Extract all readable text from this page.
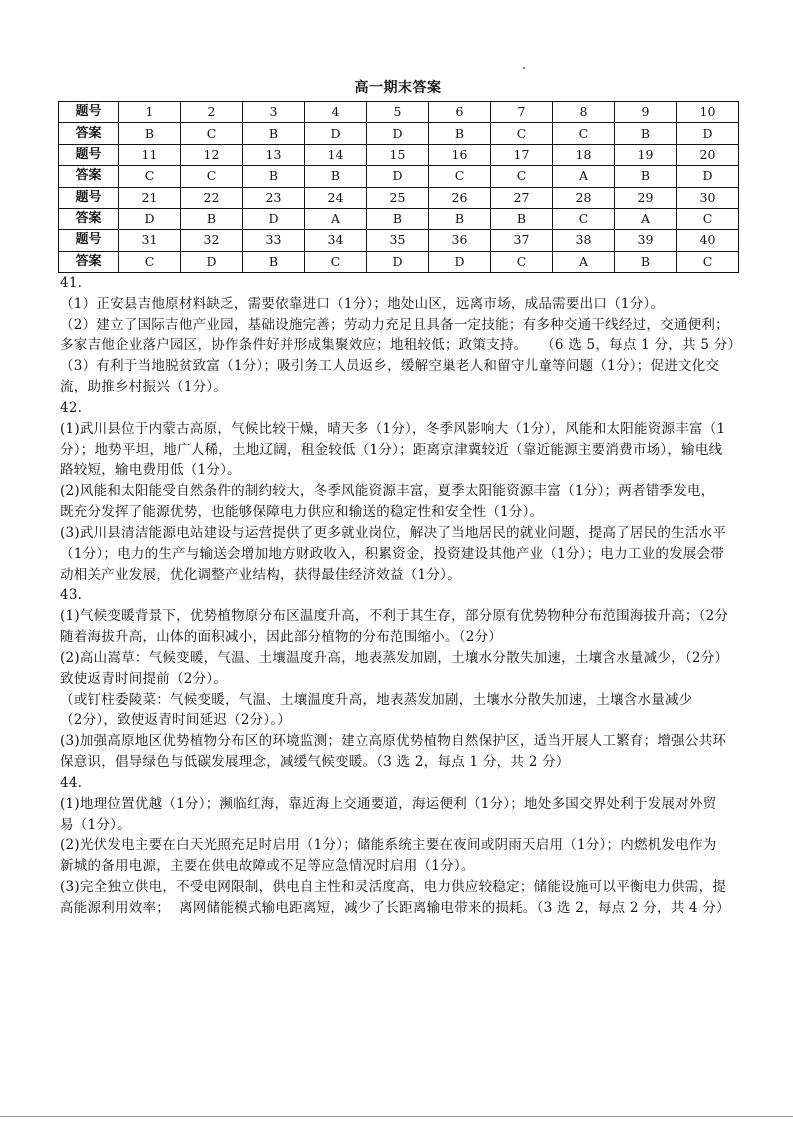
高一期末答案
题号	1	2	3	4	5	6	7	8	9	10
答案	B	C	B	D	D	B	C	C	B	D
题号	11	12	13	14	15	16	17	18	19	20
答案	C	C	B	B	D	C	C	A	B	D
题号	21	22	23	24	25	26	27	28	29	30
答案	D	B	D	A	B	B	B	C	A	C
题号	31	32	33	34	35	36	37	38	39	40
答案	C	D	B	C	D	D	C	A	B	C
41.
（1）正安县吉他原材料缺乏，需要依靠进口（1分）；地处山区，远离市场，成品需要出口（1分）。
（2）建立了国际吉他产业园，基础设施完善；劳动力充足且具备一定技能；有多种交通干线经过，交通便利；
多家吉他企业落户园区，协作条件好并形成集聚效应；地租较低；政策支持。   （6 选 5，每点 1 分，共 5 分）
（3）有利于当地脱贫致富（1分）；吸引务工人员返乡，缓解空巢老人和留守儿童等问题（1分）；促进文化交
流，助推乡村振兴（1分）。
42.
(1)武川县位于内蒙古高原，气候比较干燥，晴天多（1分），冬季风影响大（1分），风能和太阳能资源丰富（1
分）；地势平坦，地广人稀，土地辽阔，租金较低（1分）；距离京津冀较近（靠近能源主要消费市场），输电线
路较短，输电费用低（1分）。
(2)风能和太阳能受自然条件的制约较大，冬季风能资源丰富，夏季太阳能资源丰富（1分）；两者错季发电，
既充分发挥了能源优势，也能够保障电力供应和输送的稳定性和安全性（1分）。
(3)武川县清洁能源电站建设与运营提供了更多就业岗位，解决了当地居民的就业问题，提高了居民的生活水平
（1分）；电力的生产与输送会增加地方财政收入，积累资金，投资建设其他产业（1分）；电力工业的发展会带
动相关产业发展，优化调整产业结构，获得最佳经济效益（1分）。
43.
(1)气候变暖背景下，优势植物原分布区温度升高，不利于其生存，部分原有优势物种分布范围海拔升高；（2分
随着海拔升高，山体的面积减小，因此部分植物的分布范围缩小。（2分）
(2)高山嵩草：气候变暖，气温、土壤温度升高，地表蒸发加剧，土壤水分散失加速，土壤含水量减少，（2分）
致使返青时间提前（2分）。
（或钉柱委陵菜：气候变暖，气温、土壤温度升高，地表蒸发加剧，土壤水分散失加速，土壤含水量减少
（2分），致使返青时间延迟（2分）。）
(3)加强高原地区优势植物分布区的环境监测；建立高原优势植物自然保护区，适当开展人工繁育；增强公共环
保意识，倡导绿色与低碳发展理念，减缓气候变暖。（3 选 2，每点 1 分，共 2 分）
44.
(1)地理位置优越（1分）；濒临红海，靠近海上交通要道，海运便利（1分）；地处多国交界处利于发展对外贸
易（1分）。
(2)光伏发电主要在白天光照充足时启用（1分）；储能系统主要在夜间或阴雨天启用（1分）；内燃机发电作为
新城的备用电源，主要在供电故障或不足等应急情况时启用（1分）。
(3)完全独立供电，不受电网限制，供电自主性和灵活度高，电力供应较稳定；储能设施可以平衡电力供需，提
高能源利用效率；  离网储能模式输电距离短，减少了长距离输电带来的损耗。（3 选 2，每点 2 分，共 4 分）
